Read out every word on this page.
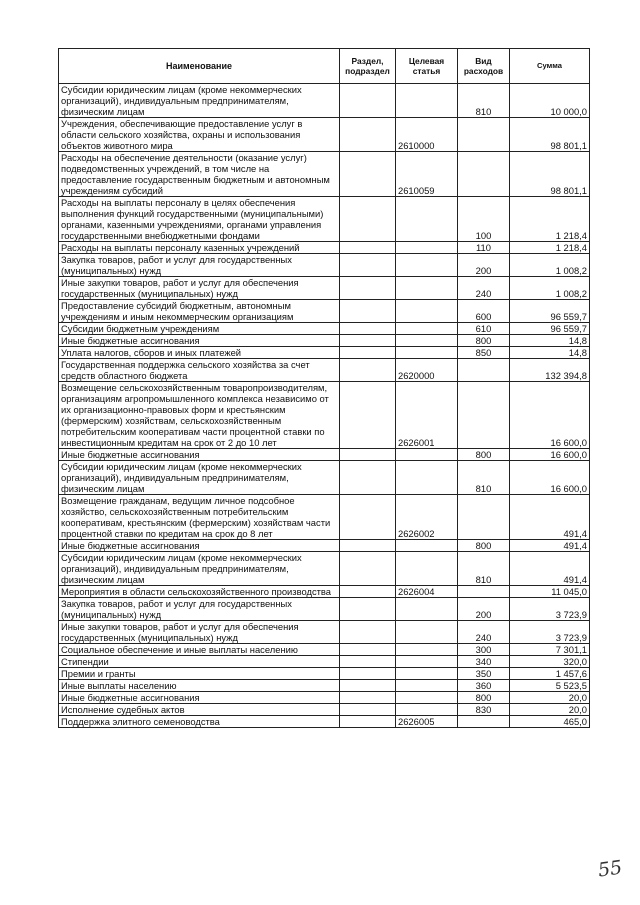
Наименование	Раздел, подраздел	Целевая статья	Вид расходов	Сумма
Субсидии юридическим лицам (кроме некоммерческих организаций), индивидуальным предпринимателям, физическим лицам			810	10 000,0
Учреждения, обеспечивающие предоставление услуг в области сельского хозяйства, охраны и использования объектов животного мира		2610000		98 801,1
Расходы на обеспечение деятельности (оказание услуг) подведомственных учреждений, в том числе на предоставление государственным бюджетным и автономным учреждениям субсидий		2610059		98 801,1
Расходы на выплаты персоналу в целях обеспечения выполнения функций государственными (муниципальными) органами, казенными учреждениями, органами управления государственными внебюджетными фондами			100	1 218,4
Расходы на выплаты персоналу казенных учреждений			110	1 218,4
Закупка товаров, работ и услуг для государственных (муниципальных) нужд			200	1 008,2
Иные закупки товаров, работ и услуг для обеспечения государственных (муниципальных) нужд			240	1 008,2
Предоставление субсидий бюджетным, автономным учреждениям и иным некоммерческим организациям			600	96 559,7
Субсидии бюджетным учреждениям			610	96 559,7
Иные бюджетные ассигнования			800	14,8
Уплата налогов, сборов и иных платежей			850	14,8
Государственная поддержка сельского хозяйства за счет средств областного бюджета		2620000		132 394,8
Возмещение сельскохозяйственным товаропроизводителям, организациям агропромышленного комплекса независимо от их организационно-правовых форм и крестьянским (фермерским) хозяйствам, сельскохозяйственным потребительским кооперативам части процентной ставки по инвестиционным кредитам на срок от 2 до 10 лет		2626001		16 600,0
Иные бюджетные ассигнования			800	16 600,0
Субсидии юридическим лицам (кроме некоммерческих организаций), индивидуальным предпринимателям, физическим лицам			810	16 600,0
Возмещение гражданам, ведущим личное подсобное хозяйство, сельскохозяйственным потребительским кооперативам, крестьянским (фермерским) хозяйствам части процентной ставки по кредитам на срок до 8 лет		2626002		491,4
Иные бюджетные ассигнования			800	491,4
Субсидии юридическим лицам (кроме некоммерческих организаций), индивидуальным предпринимателям, физическим лицам			810	491,4
Мероприятия в области сельскохозяйственного производства		2626004		11 045,0
Закупка товаров, работ и услуг для государственных (муниципальных) нужд			200	3 723,9
Иные закупки товаров, работ и услуг для обеспечения государственных (муниципальных) нужд			240	3 723,9
Социальное обеспечение и иные выплаты населению			300	7 301,1
Стипендии			340	320,0
Премии и гранты			350	1 457,6
Иные выплаты населению			360	5 523,5
Иные бюджетные ассигнования			800	20,0
Исполнение судебных актов			830	20,0
Поддержка элитного семеноводства		2626005		465,0
55
